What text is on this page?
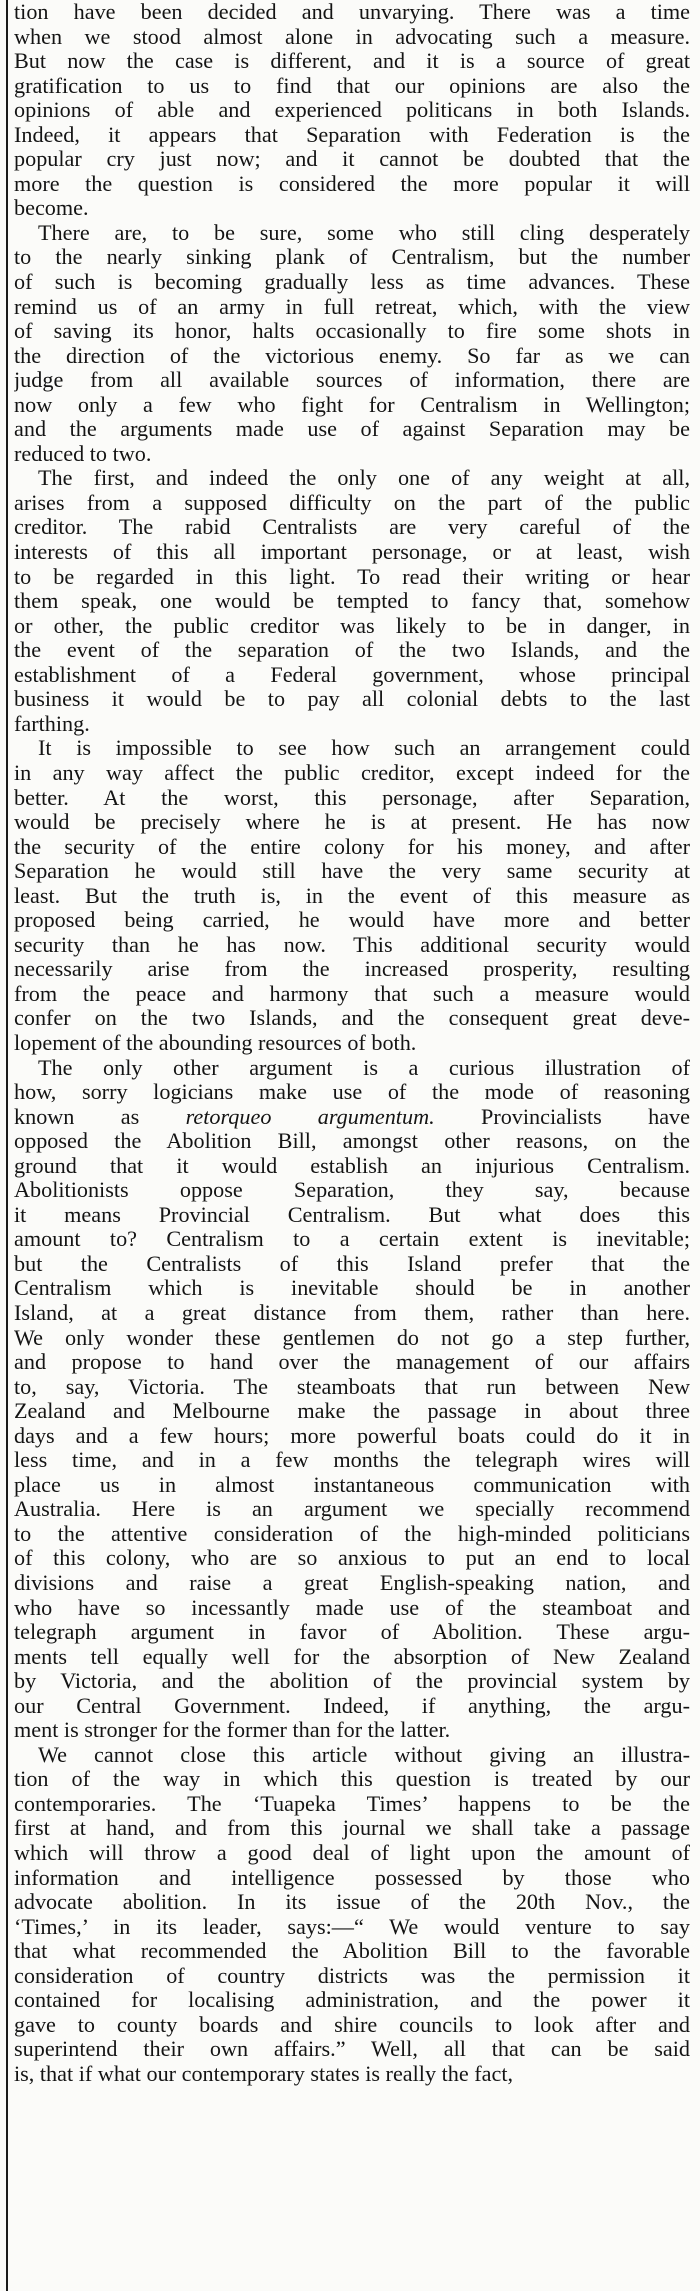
tion have been decided and unvarying. There was a time
when we stood almost alone in advocating such a measure.
But now the case is different, and it is a source of great
gratification to us to find that our opinions are also the
opinions of able and experienced politicans in both Islands.
Indeed, it appears that Separation with Federation is the
popular cry just now; and it cannot be doubted that the
more the question is considered the more popular it will
become.
There are, to be sure, some who still cling desperately
to the nearly sinking plank of Centralism, but the number
of such is becoming gradually less as time advances. These
remind us of an army in full retreat, which, with the view
of saving its honor, halts occasionally to fire some shots in
the direction of the victorious enemy. So far as we can
judge from all available sources of information, there are
now only a few who fight for Centralism in Wellington;
and the arguments made use of against Separation may be
reduced to two.
The first, and indeed the only one of any weight at all,
arises from a supposed difficulty on the part of the public
creditor. The rabid Centralists are very careful of the
interests of this all important personage, or at least, wish
to be regarded in this light. To read their writing or hear
them speak, one would be tempted to fancy that, somehow
or other, the public creditor was likely to be in danger, in
the event of the separation of the two Islands, and the
establishment of a Federal government, whose principal
business it would be to pay all colonial debts to the last
farthing.
It is impossible to see how such an arrangement could
in any way affect the public creditor, except indeed for the
better. At the worst, this personage, after Separation,
would be precisely where he is at present. He has now
the security of the entire colony for his money, and after
Separation he would still have the very same security at
least. But the truth is, in the event of this measure as
proposed being carried, he would have more and better
security than he has now. This additional security would
necessarily arise from the increased prosperity, resulting
from the peace and harmony that such a measure would
confer on the two Islands, and the consequent great deve-
lopement of the abounding resources of both.
The only other argument is a curious illustration of
how, sorry logicians make use of the mode of reasoning
known as retorqueo argumentum. Provincialists have
opposed the Abolition Bill, amongst other reasons, on the
ground that it would establish an injurious Centralism.
Abolitionists oppose Separation, they say, because
it means Provincial Centralism. But what does this
amount to? Centralism to a certain extent is inevitable;
but the Centralists of this Island prefer that the
Centralism which is inevitable should be in another
Island, at a great distance from them, rather than here.
We only wonder these gentlemen do not go a step further,
and propose to hand over the management of our affairs
to, say, Victoria. The steamboats that run between New
Zealand and Melbourne make the passage in about three
days and a few hours; more powerful boats could do it in
less time, and in a few months the telegraph wires will
place us in almost instantaneous communication with
Australia. Here is an argument we specially recommend
to the attentive consideration of the high-minded politicians
of this colony, who are so anxious to put an end to local
divisions and raise a great English-speaking nation, and
who have so incessantly made use of the steamboat and
telegraph argument in favor of Abolition. These argu-
ments tell equally well for the absorption of New Zealand
by Victoria, and the abolition of the provincial system by
our Central Government. Indeed, if anything, the argu-
ment is stronger for the former than for the latter.
We cannot close this article without giving an illustra-
tion of the way in which this question is treated by our
contemporaries. The ‘Tuapeka Times’ happens to be the
first at hand, and from this journal we shall take a passage
which will throw a good deal of light upon the amount of
information and intelligence possessed by those who
advocate abolition. In its issue of the 20th Nov., the
‘Times,’ in its leader, says:—“ We would venture to say
that what recommended the Abolition Bill to the favorable
consideration of country districts was the permission it
contained for localising administration, and the power it
gave to county boards and shire councils to look after and
superintend their own affairs.” Well, all that can be said
is, that if what our contemporary states is really the fact,
